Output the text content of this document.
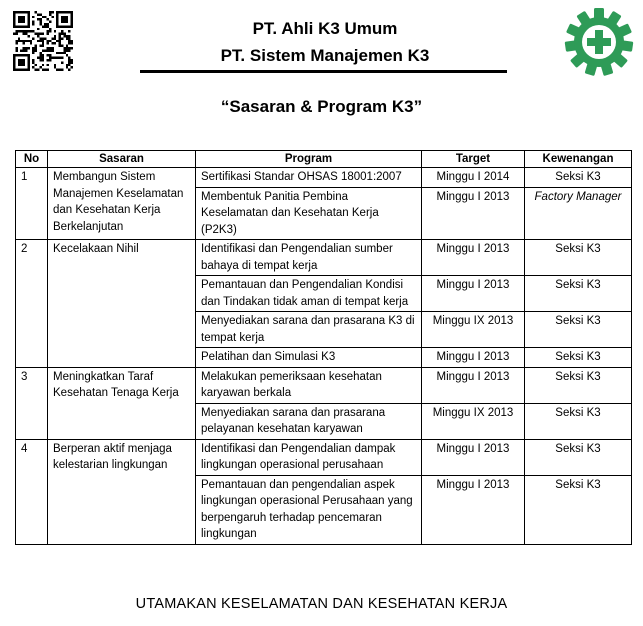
PT. Ahli K3 Umum
PT. Sistem Manajemen K3
“Sasaran & Program K3”
No	Sasaran	Program	Target	Kewenangan
1	Membangun Sistem Manajemen Keselamatan dan Kesehatan Kerja Berkelanjutan	Sertifikasi Standar OHSAS 18001:2007	Minggu I 2014	Seksi K3
		Membentuk Panitia Pembina Keselamatan dan Kesehatan Kerja (P2K3)	Minggu I 2013	Factory Manager
2	Kecelakaan Nihil	Identifikasi dan Pengendalian sumber bahaya di tempat kerja	Minggu I 2013	Seksi K3
		Pemantauan dan Pengendalian Kondisi dan Tindakan tidak aman di tempat kerja	Minggu I 2013	Seksi K3
		Menyediakan sarana dan prasarana K3 di tempat kerja	Minggu IX 2013	Seksi K3
		Pelatihan dan Simulasi K3	Minggu I 2013	Seksi K3
3	Meningkatkan Taraf Kesehatan Tenaga Kerja	Melakukan pemeriksaan kesehatan karyawan berkala	Minggu I 2013	Seksi K3
		Menyediakan sarana dan prasarana pelayanan kesehatan karyawan	Minggu IX 2013	Seksi K3
4	Berperan aktif menjaga kelestarian lingkungan	Identifikasi dan Pengendalian dampak lingkungan operasional perusahaan	Minggu I 2013	Seksi K3
		Pemantauan dan pengendalian aspek lingkungan operasional Perusahaan yang berpengaruh terhadap pencemaran lingkungan	Minggu I 2013	Seksi K3
UTAMAKAN KESELAMATAN DAN KESEHATAN KERJA
